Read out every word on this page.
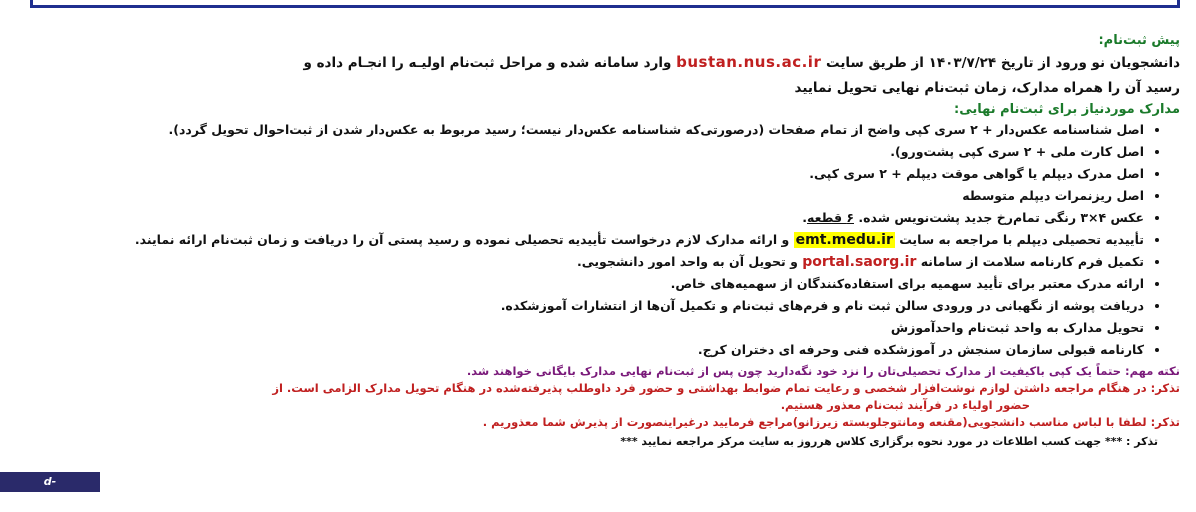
پیش ثبت‌نام:

دانشجویان نو ورود از تاریخ ۱۴۰۳/۷/۲۴ از طریق سایت bustan.nus.ac.ir وارد سامانه شده و مراحل ثبت‌نام اولیـه را انجـام داده و

رسید آن را همراه مدارک، زمان ثبت‌نام نهایی تحویل نمایید

مدارک موردنیاز برای ثبت‌نام نهایی:

• اصل شناسنامه عکس‌دار + ۲ سری کپی واضح از تمام صفحات (درصورتی‌که شناسنامه عکس‌دار نیست؛ رسید مربوط به عکس‌دار شدن از ثبت‌احوال تحویل گردد).
• اصل کارت ملی + ۲ سری کپی پشت‌ورو).
• اصل مدرک دیپلم یا گواهی موقت دیپلم + ۲ سری کپی.
• اصل ریزنمرات دیپلم متوسطه
• عکس ۴×۳ رنگی تمام‌رخ جدید پشت‌نویس شده. ۶ قطعه.
• تأییدیه تحصیلی دیپلم با مراجعه به سایت emt.medu.ir و ارائه مدارک لازم درخواست تأییدیه تحصیلی نموده و رسید پستی آن را دریافت و زمان ثبت‌نام ارائه نمایند.
• تکمیل فرم کارنامه سلامت از سامانه portal.saorg.ir و تحویل آن به واحد امور دانشجویی.
• ارائه مدرک معتبر برای تأیید سهمیه برای استفاده‌کنندگان از سهمیه‌های خاص.
• دریافت پوشه از نگهبانی در ورودی سالن ثبت نام و فرم‌های ثبت‌نام و تکمیل آن‌ها از انتشارات آموزشکده.
• تحویل مدارک به واحد ثبت‌نام واحدآموزش
• کارنامه قبولی سازمان سنجش در آموزشکده فنی وحرفه ای دختران کرج.

نکته مهم: حتماً یک کپی باکیفیت از مدارک تحصیلی‌تان را نزد خود نگه‌دارید چون پس از ثبت‌نام نهایی مدارک بایگانی خواهند شد.

تذکر: در هنگام مراجعه داشتن لوازم نوشت‌افزار شخصی و رعایت تمام ضوابط بهداشتی و حضور فرد داوطلب پذیرفته‌شده در هنگام تحویل مدارک الزامی است. از

حضور اولیاء در فرآیند ثبت‌نام معذور هستیم.

تذکر: لطفا با لباس مناسب دانشجویی(مقنعه ومانتوجلوبسته زیرزانو)مراجع فرمایید درغیراینصورت از پذیرش شما معذوریم .

تذکر : *** جهت کسب اطلاعات در مورد نحوه برگزاری کلاس هرروز به سایت مرکز مراجعه نمایید ***

d-karaj.nus.ac.ir
